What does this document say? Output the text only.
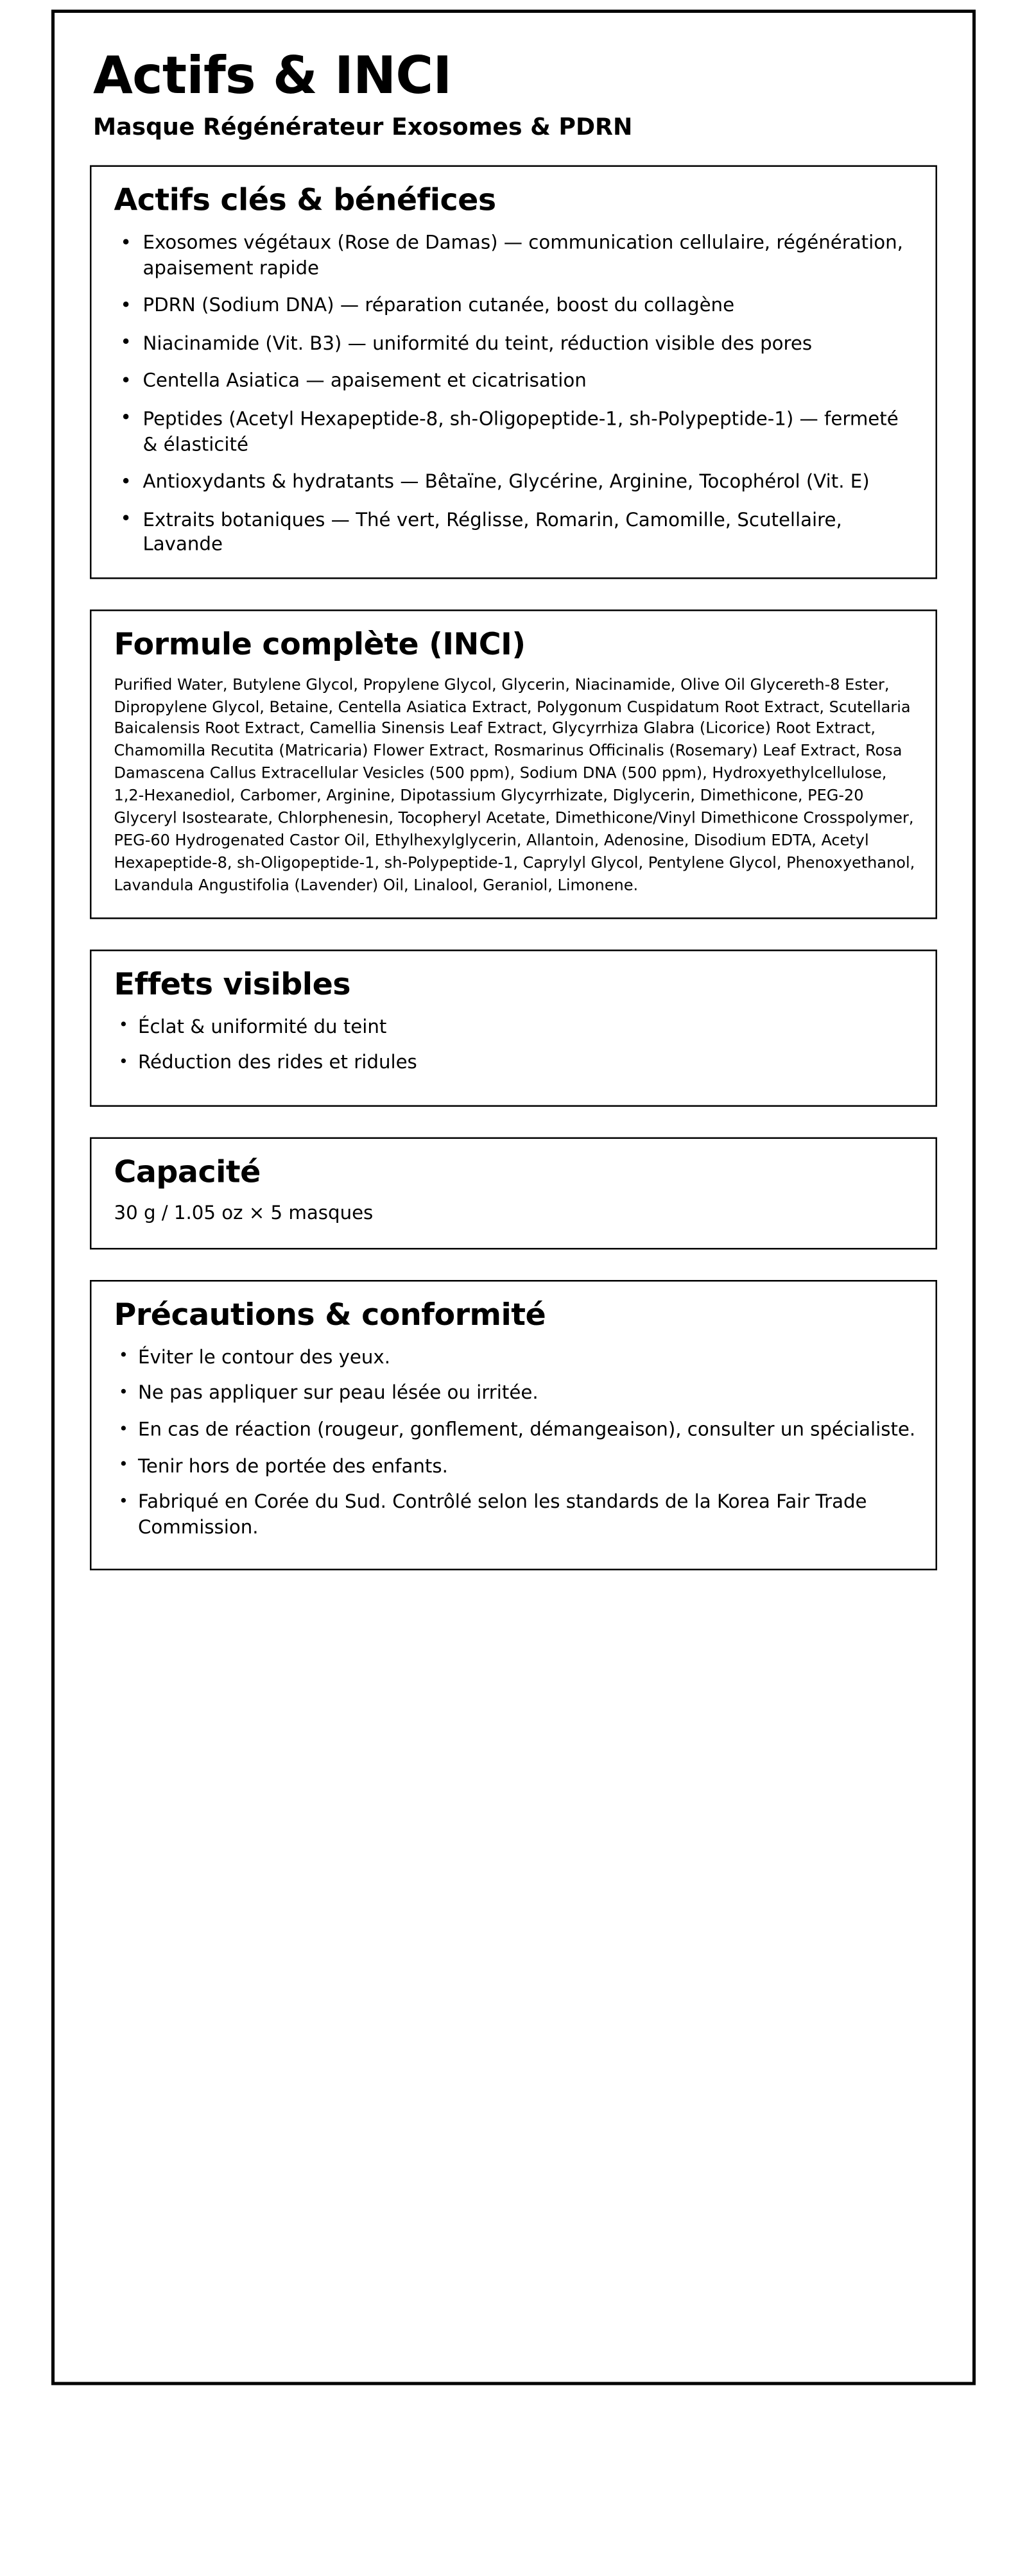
Actifs & INCI
Masque Régénérateur Exosomes & PDRN
Actifs clés & bénéfices
• Exosomes végétaux (Rose de Damas) — communication cellulaire, régénération, apaisement rapide
• PDRN (Sodium DNA) — réparation cutanée, boost du collagène
• Niacinamide (Vit. B3) — uniformité du teint, réduction visible des pores
• Centella Asiatica — apaisement et cicatrisation
• Peptides (Acetyl Hexapeptide-8, sh-Oligopeptide-1, sh-Polypeptide-1) — fermeté & élasticité
• Antioxydants & hydratants — Bêtaïne, Glycérine, Arginine, Tocophérol (Vit. E)
• Extraits botaniques — Thé vert, Réglisse, Romarin, Camomille, Scutellaire, Lavande
Formule complète (INCI)

Purified Water, Butylene Glycol, Propylene Glycol, Glycerin, Niacinamide, Olive Oil Glycereth-8 Ester, Dipropylene Glycol, Betaine, Centella Asiatica Extract, Polygonum Cuspidatum Root Extract, Scutellaria Baicalensis Root Extract, Camellia Sinensis Leaf Extract, Glycyrrhiza Glabra (Licorice) Root Extract, Chamomilla Recutita (Matricaria) Flower Extract, Rosmarinus Officinalis (Rosemary) Leaf Extract, Rosa Damascena Callus Extracellular Vesicles (500 ppm), Sodium DNA (500 ppm), Hydroxyethylcellulose, 1,2-Hexanediol, Carbomer, Arginine, Dipotassium Glycyrrhizate, Diglycerin, Dimethicone, PEG-20 Glyceryl Isostearate, Chlorphenesin, Tocopheryl Acetate, Dimethicone/Vinyl Dimethicone Crosspolymer, PEG-60 Hydrogenated Castor Oil, Ethylhexylglycerin, Allantoin, Adenosine, Disodium EDTA, Acetyl Hexapeptide-8, sh-Oligopeptide-1, sh-Polypeptide-1, Caprylyl Glycol, Pentylene Glycol, Phenoxyethanol, Lavandula Angustifolia (Lavender) Oil, Linalool, Geraniol, Limonene.

Effets visibles
• Éclat & uniformité du teint
• Réduction des rides et ridules
Capacité

30 g / 1.05 oz × 5 masques

Précautions & conformité
• Éviter le contour des yeux.
• Ne pas appliquer sur peau lésée ou irritée.
• En cas de réaction (rougeur, gonflement, démangeaison), consulter un spécialiste.
• Tenir hors de portée des enfants.
• Fabriqué en Corée du Sud. Contrôlé selon les standards de la Korea Fair Trade Commission.
